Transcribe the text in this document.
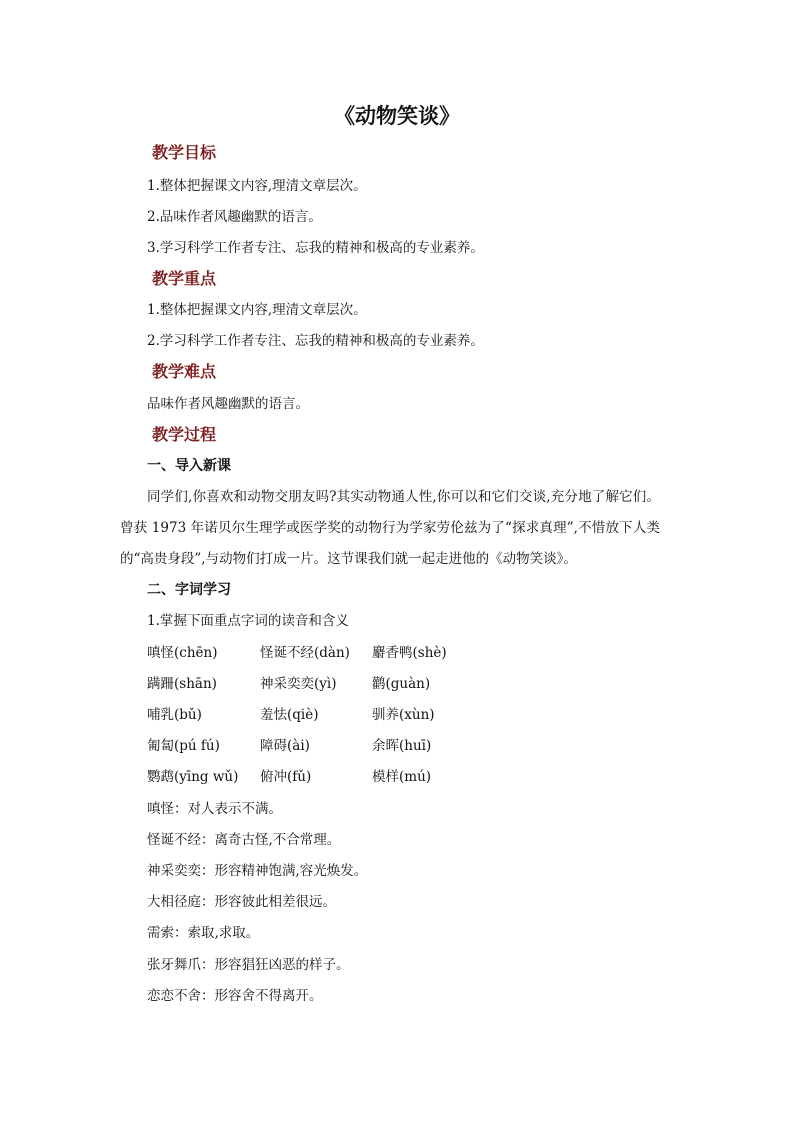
《动物笑谈》
教学目标
1.整体把握课文内容,理清文章层次。
2.品味作者风趣幽默的语言。
3.学习科学工作者专注、忘我的精神和极高的专业素养。
教学重点
1.整体把握课文内容,理清文章层次。
2.学习科学工作者专注、忘我的精神和极高的专业素养。
教学难点
品味作者风趣幽默的语言。
教学过程
一、导入新课

同学们,你喜欢和动物交朋友吗?其实动物通人性,你可以和它们交谈,充分地了解它们。曾获 1973 年诺贝尔生理学或医学奖的动物行为学家劳伦兹为了“探求真理”,不惜放下人类的“高贵身段”,与动物们打成一片。这节课我们就一起走进他的《动物笑谈》。

二、字词学习
1.掌握下面重点字词的读音和含义
嗔怪(chēn)	怪诞不经(dàn) 麝香鸭(shè)
蹒跚(shān)	神采奕奕(yì)	鹳(guàn)
哺乳(bǔ)	羞怯(qiè)	驯养(xùn)
匍匐(pú fú)	障碍(ài)	余晖(huī)
鹦鹉(yīng wǔ) 俯冲(fǔ)	模样(mú)
嗔怪：对人表示不满。
怪诞不经：离奇古怪,不合常理。
神采奕奕：形容精神饱满,容光焕发。
大相径庭：形容彼此相差很远。
需索：索取,求取。
张牙舞爪：形容猖狂凶恶的样子。
恋恋不舍：形容舍不得离开。
